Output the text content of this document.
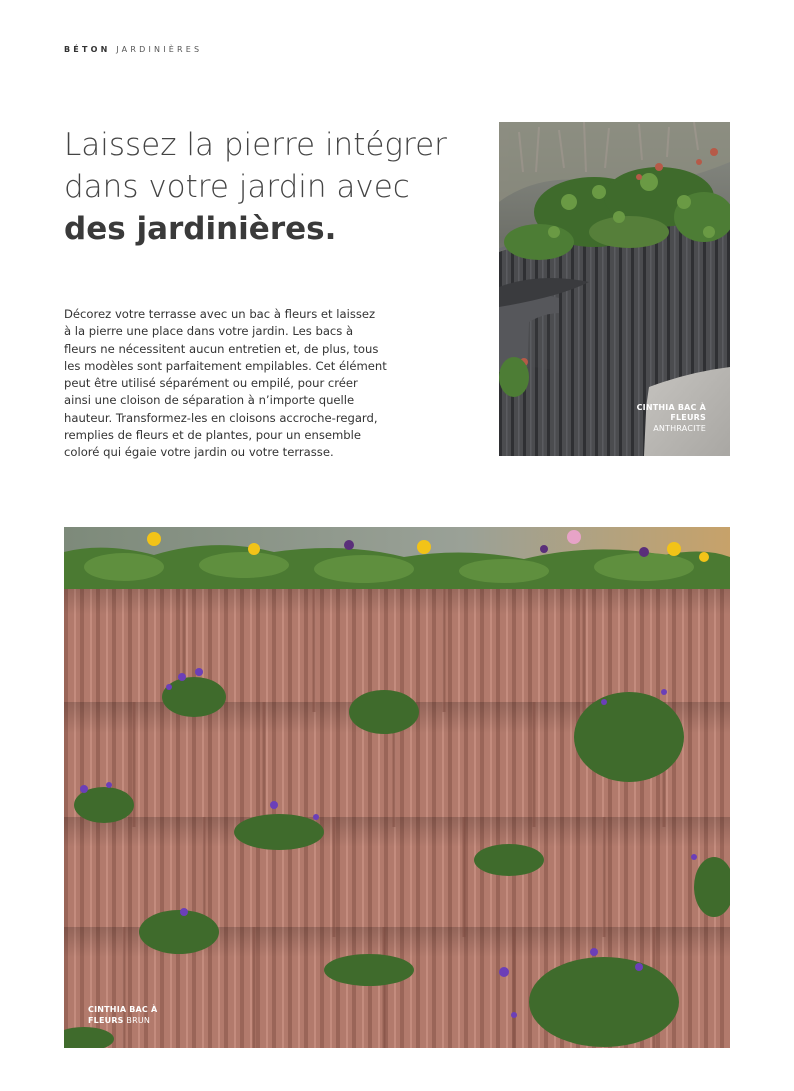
BÉTON JARDINIÈRES
Laissez la pierre intégrer
dans votre jardin avec
des jardinières.
Décorez votre terrasse avec un bac à fleurs et laissez
à la pierre une place dans votre jardin. Les bacs à
fleurs ne nécessitent aucun entretien et, de plus, tous
les modèles sont parfaitement empilables. Cet élément
peut être utilisé séparément ou empilé, pour créer
ainsi une cloison de séparation à n’importe quelle
hauteur. Transformez-les en cloisons accroche-regard,
remplies de fleurs et de plantes, pour un ensemble
coloré qui égaie votre jardin ou votre terrasse.
CINTHIA BAC À
FLEURS
ANTHRACITE
CINTHIA BAC À
FLEURS BRUN
